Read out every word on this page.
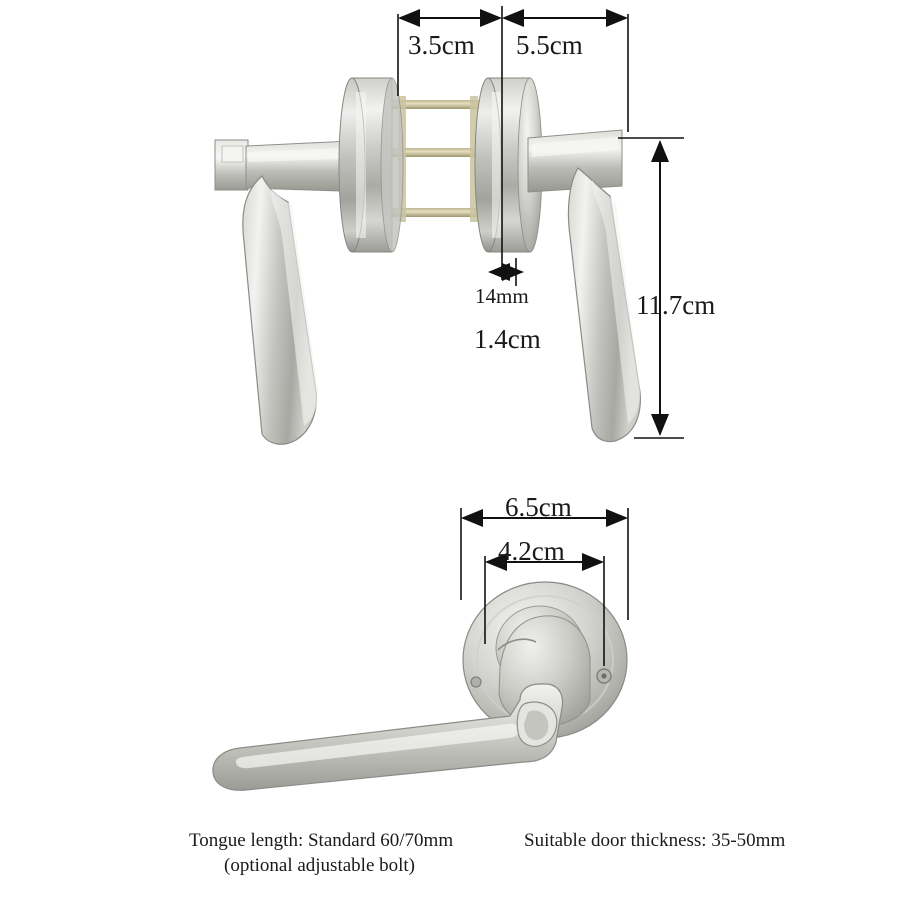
3.5cm 5.5cm
14mm
1.4cm
11.7cm
6.5cm
4.2cm
Tongue length: Standard 60/70mm
(optional adjustable bolt)
Suitable door thickness: 35-50mm
